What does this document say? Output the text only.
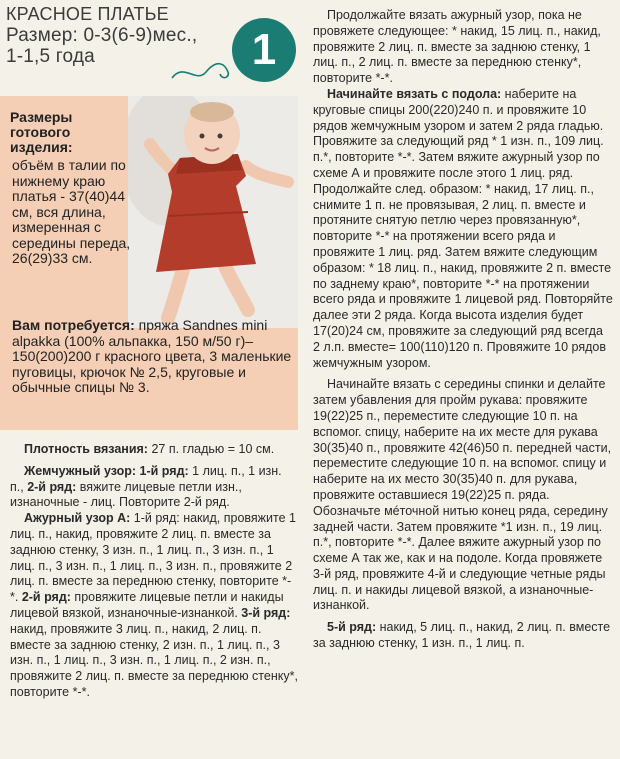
КРАСНОЕ ПЛАТЬЕ
Размер: 0-3(6-9)мес.,
1-1,5 года	1
Размеры готового изделия:
объём в талии по нижнему краю платья - 37(40)44 см, вся длина, измеренная с середины переда, 26(29)33 см.
Вам потребуется: пряжа Sandnes mini alpakka (100% альпакка, 150 м/50 г)– 150(200)200 г красного цвета, 3 маленькие пуговицы, крючок № 2,5, круговые и обычные спицы № 3.

Плотность вязания: 27 п. гладью = 10 см.

Жемчужный узор: 1-й ряд: 1 лиц. п., 1 изн. п., 2-й ряд: вяжите лицевые петли изн., изнаночные - лиц. Повторите 2-й ряд.

Ажурный узор А: 1-й ряд: накид, провяжите 1 лиц. п., накид, провяжите 2 лиц. п. вместе за заднюю стенку, 3 изн. п., 1 лиц. п., 3 изн. п., 1 лиц. п., 3 изн. п., 1 лиц. п., 3 изн. п., провяжите 2 лиц. п. вместе за переднюю стенку, повторите *-*. 2-й ряд: провяжите лицевые петли и накиды лицевой вязкой, изнаночные-изнанкой. 3-й ряд: накид, провяжите 3 лиц. п., накид, 2 лиц. п. вместе за заднюю стенку, 2 изн. п., 1 лиц. п., 3 изн. п., 1 лиц. п., 3 изн. п., 1 лиц. п., 2 изн. п., провяжите 2 лиц. п. вместе за переднюю стенку*, повторите *-*.

Продолжайте вязать ажурный узор, пока не провяжете следующее: * накид, 15 лиц. п., накид, провяжите 2 лиц. п. вместе за заднюю стенку, 1 лиц. п., 2 лиц. п. вместе за переднюю стенку*, повторите *-*.

Начинайте вязать с подола: наберите на круговые спицы 200(220)240 п. и провяжите 10 рядов жемчужным узором и затем 2 ряда гладью. Провяжите за следующий ряд * 1 изн. п., 109 лиц. п.*, повторите *-*. Затем вяжите ажурный узор по схеме А и провяжите после этого 1 лиц. ряд. Продолжайте след. образом: * накид, 17 лиц. п., снимите 1 п. не провязывая, 2 лиц. п. вместе и протяните снятую петлю через провязанную*, повторите *-* на протяжении всего ряда и провяжите 1 лиц. ряд. Затем вяжите следующим образом: * 18 лиц. п., накид, провяжите 2 п. вместе по заднему краю*, повторите *-* на протяжении всего ряда и провяжите 1 лицевой ряд. Повторяйте далее эти 2 ряда. Когда высота изделия будет 17(20)24 см, провяжите за следующий ряд всегда 2 л.п. вместе= 100(110)120 п. Провяжите 10 рядов жемчужным узором.

Начинайте вязать с середины спинки и делайте затем убавления для пройм рукава: провяжите 19(22)25 п., переместите следующие 10 п. на вспомог. спицу, наберите на их месте для рукава 30(35)40 п., провяжите 42(46)50 п. передней части, переместите следующие 10 п. на вспомог. спицу и наберите на их место 30(35)40 п. для рукава, провяжите оставшиеся 19(22)25 п. ряда. Обозначьте мéточной нитью конец ряда, середину задней части. Затем провяжите *1 изн. п., 19 лиц. п.*, повторите *-*. Далее вяжите ажурный узор по схеме А так же, как и на подоле. Когда провяжете 3-й ряд, провяжите 4-й и следующие четные ряды лиц. п. и накиды лицевой вязкой, а изнаночные-изнанкой.

5-й ряд: накид, 5 лиц. п., накид, 2 лиц. п. вместе за заднюю стенку, 1 изн. п., 1 лиц. п.
